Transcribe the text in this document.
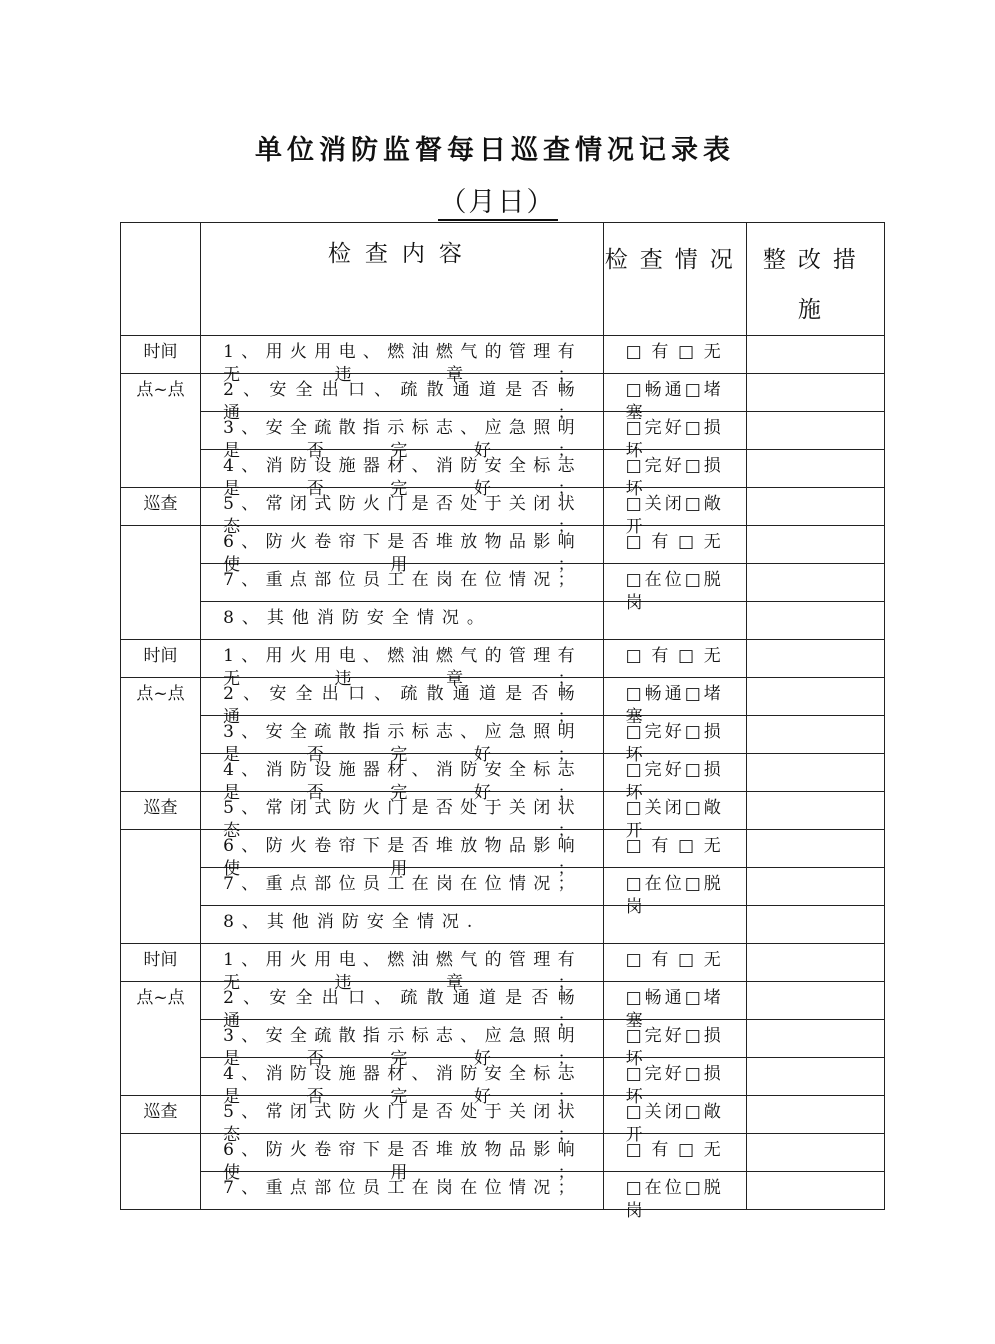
单位消防监督每日巡查情况记录表
（月日）

	检查内容	检查情况	整改措施

时间	1、用火用电、燃油燃气的管理有无违章；	□有□无	

点~点	2、安全出口、疏散通道是否畅通；	□畅通□堵塞	

	3、安全疏散指示标志、应急照明是否完好；	□完好□损坏	

	4、消防设施器材、消防安全标志是否完好；	□完好□损坏	

巡查	5、常闭式防火门是否处于关闭状态；	□关闭□敞开	

	6、防火卷帘下是否堆放物品影响使用；	□有□无	

	7、重点部位员工在岗在位情况；	□在位□脱岗	

	8、其他消防安全情况。		

时间	1、用火用电、燃油燃气的管理有无违章；	□有□无	

点~点	2、安全出口、疏散通道是否畅通；	□畅通□堵塞	

	3、安全疏散指示标志、应急照明是否完好；	□完好□损坏	

	4、消防设施器材、消防安全标志是否完好；	□完好□损坏	

巡查	5、常闭式防火门是否处于关闭状态；	□关闭□敞开	

	6、防火卷帘下是否堆放物品影响使用；	□有□无	

	7、重点部位员工在岗在位情况；	□在位□脱岗	

	8、其他消防安全情况.		

时间	1、用火用电、燃油燃气的管理有无违章；	□有□无	

点~点	2、安全出口、疏散通道是否畅通；	□畅通□堵塞	

	3、安全疏散指示标志、应急照明是否完好；	□完好□损坏	

	4、消防设施器材、消防安全标志是否完好；	□完好□损坏	

巡查	5、常闭式防火门是否处于关闭状态；	□关闭□敞开	

	6、防火卷帘下是否堆放物品影响使用；	□有□无	

	7、重点部位员工在岗在位情况；	□在位□脱岗	
